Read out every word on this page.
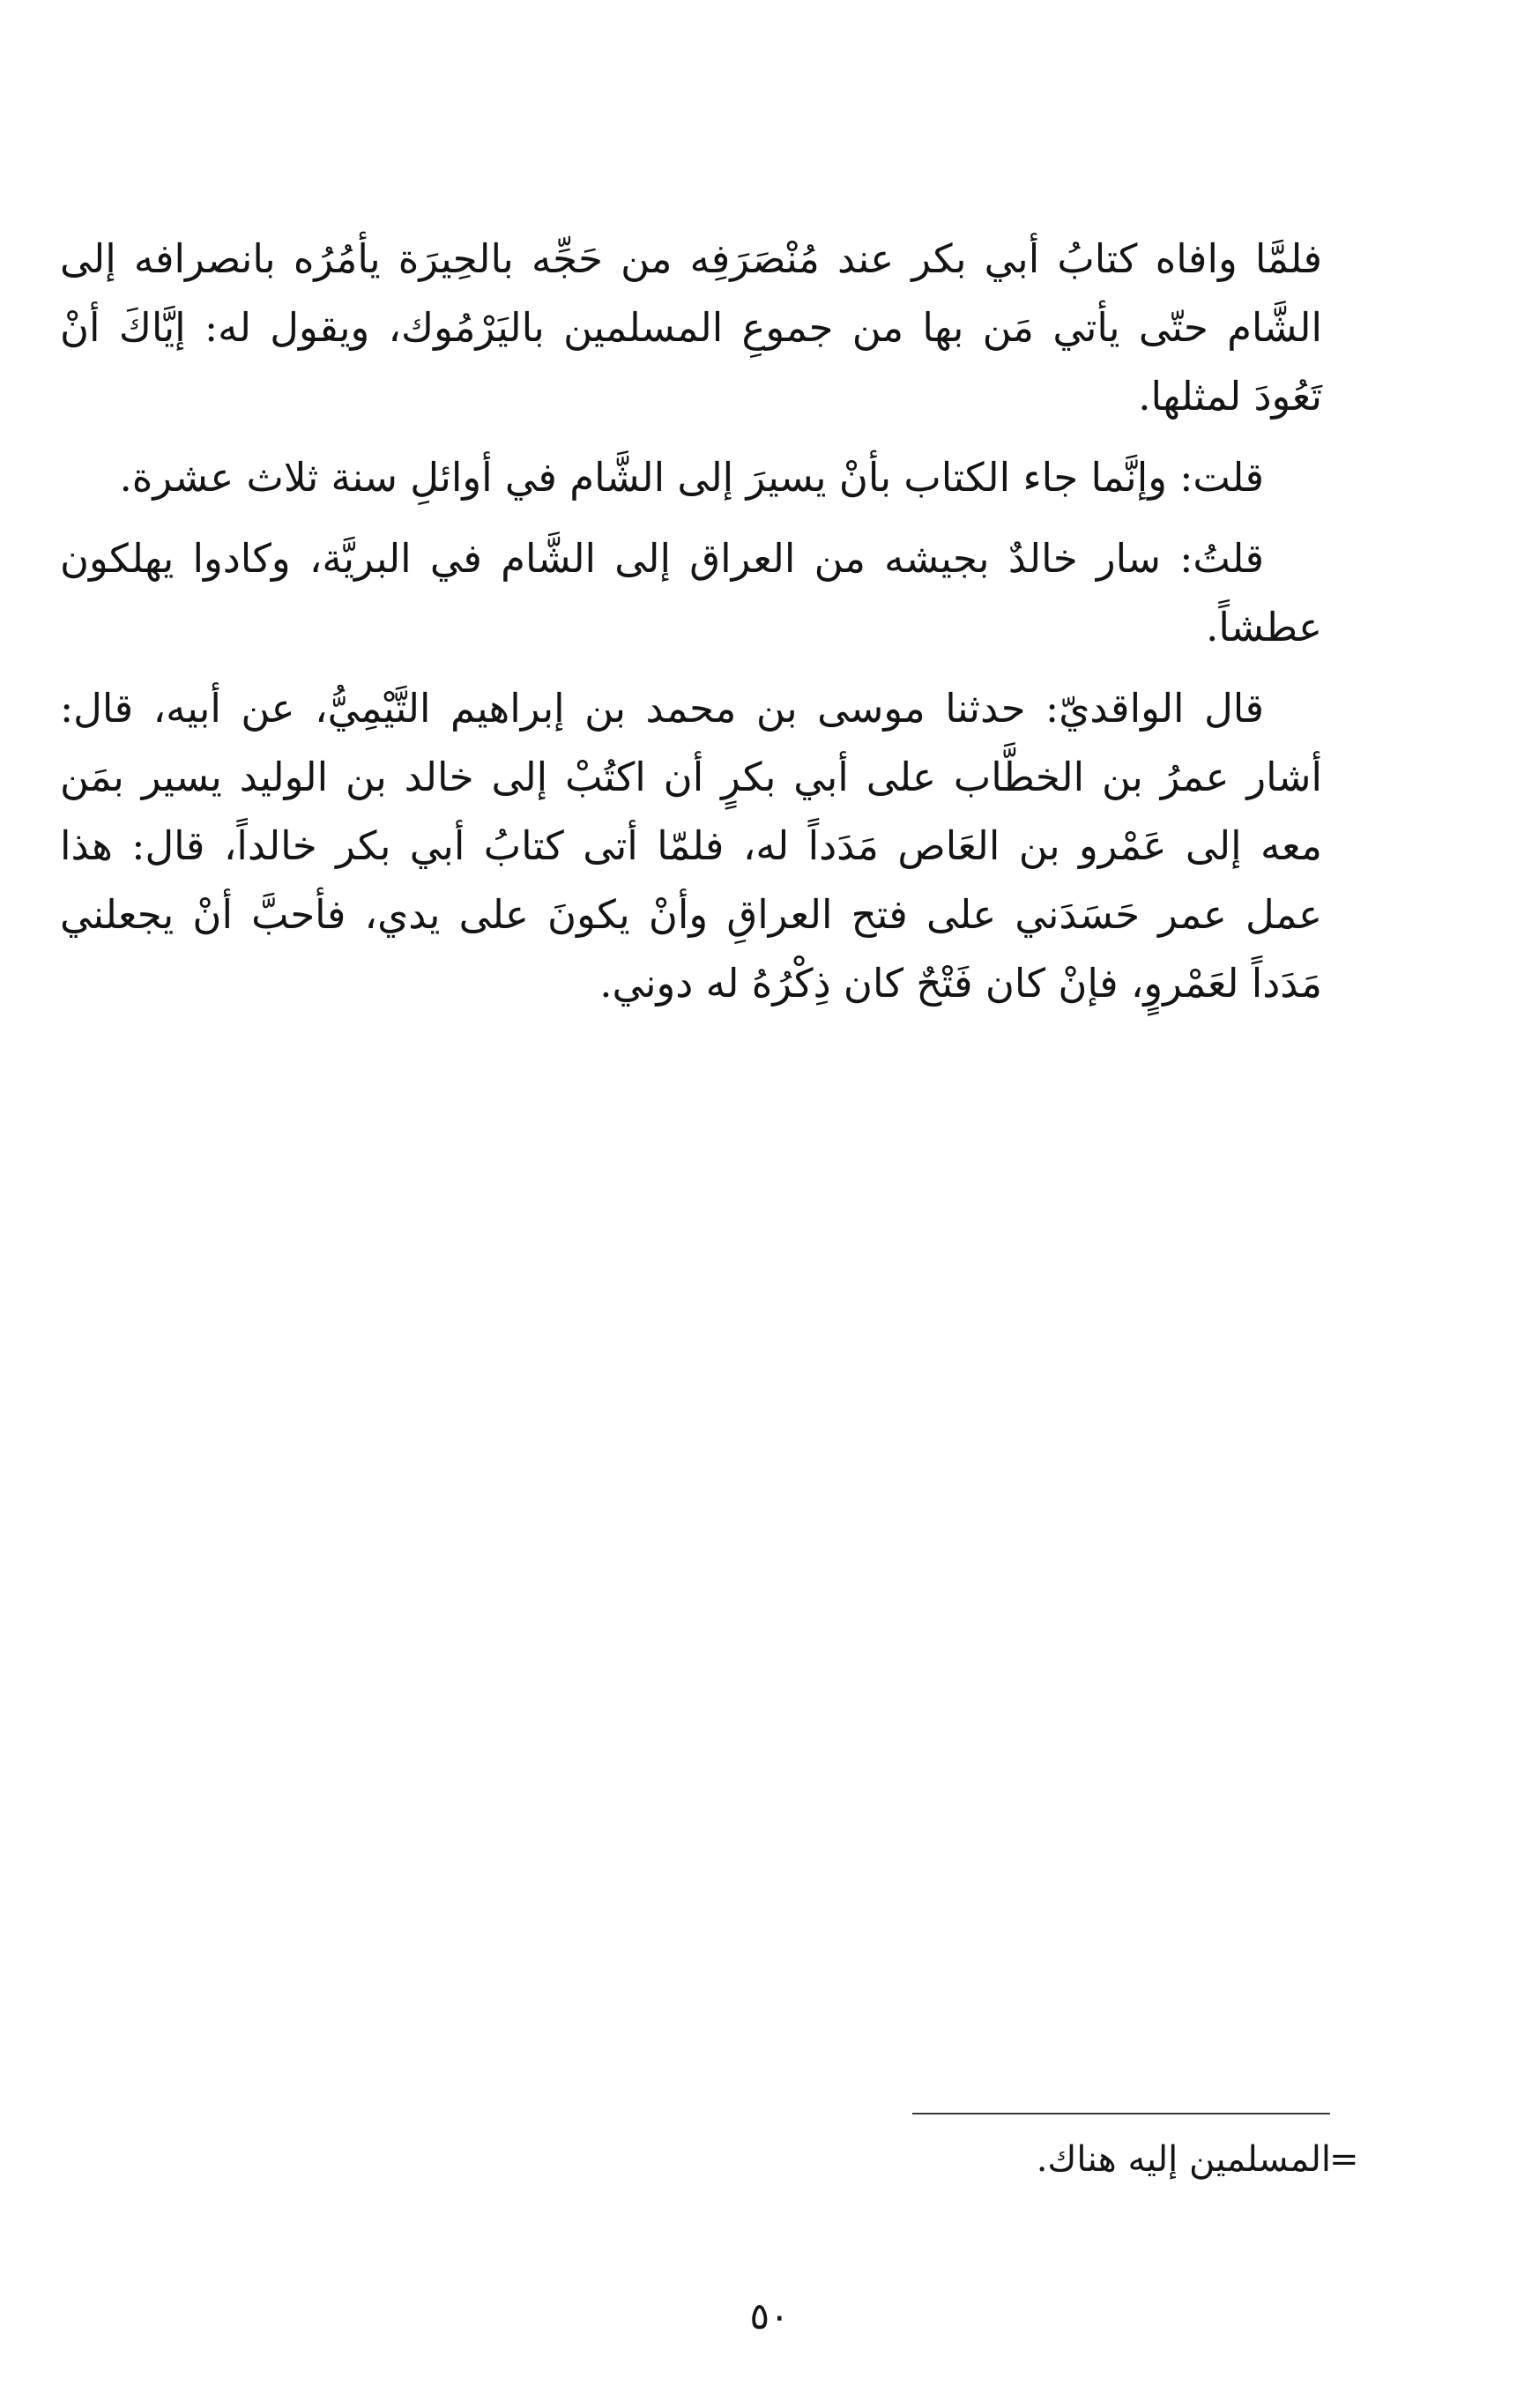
فلمَّا وافاه كتابُ أبي بكر عند مُنْصَرَفِه من حَجِّه بالحِيرَة يأمُرُه بانصرافه إلى الشَّام حتّى يأتي مَن بها من جموعِ المسلمين باليَرْمُوك، ويقول له: إيَّاكَ أنْ تَعُودَ لمثلها.

قلت: وإنَّما جاء الكتاب بأنْ يسيرَ إلى الشَّام في أوائلِ سنة ثلاث عشرة.

قلتُ: سار خالدٌ بجيشه من العراق إلى الشَّام في البريَّة، وكادوا يهلكون عطشاً.

قال الواقديّ: حدثنا موسى بن محمد بن إبراهيم التَّيْمِيُّ، عن أبيه، قال: أشار عمرُ بن الخطَّاب على أبي بكرٍ أن اكتُبْ إلى خالد بن الوليد يسير بمَن معه إلى عَمْرو بن العَاص مَدَداً له، فلمّا أتى كتابُ أبي بكر خالداً، قال: هذا عمل عمر حَسَدَني على فتح العراقِ وأنْ يكونَ على يدي، فأحبَّ أنْ يجعلني مَدَداً لعَمْروٍ، فإنْ كان فَتْحٌ كان ذِكْرُهُ له دوني.

=
المسلمين إليه هناك.
٥٠
